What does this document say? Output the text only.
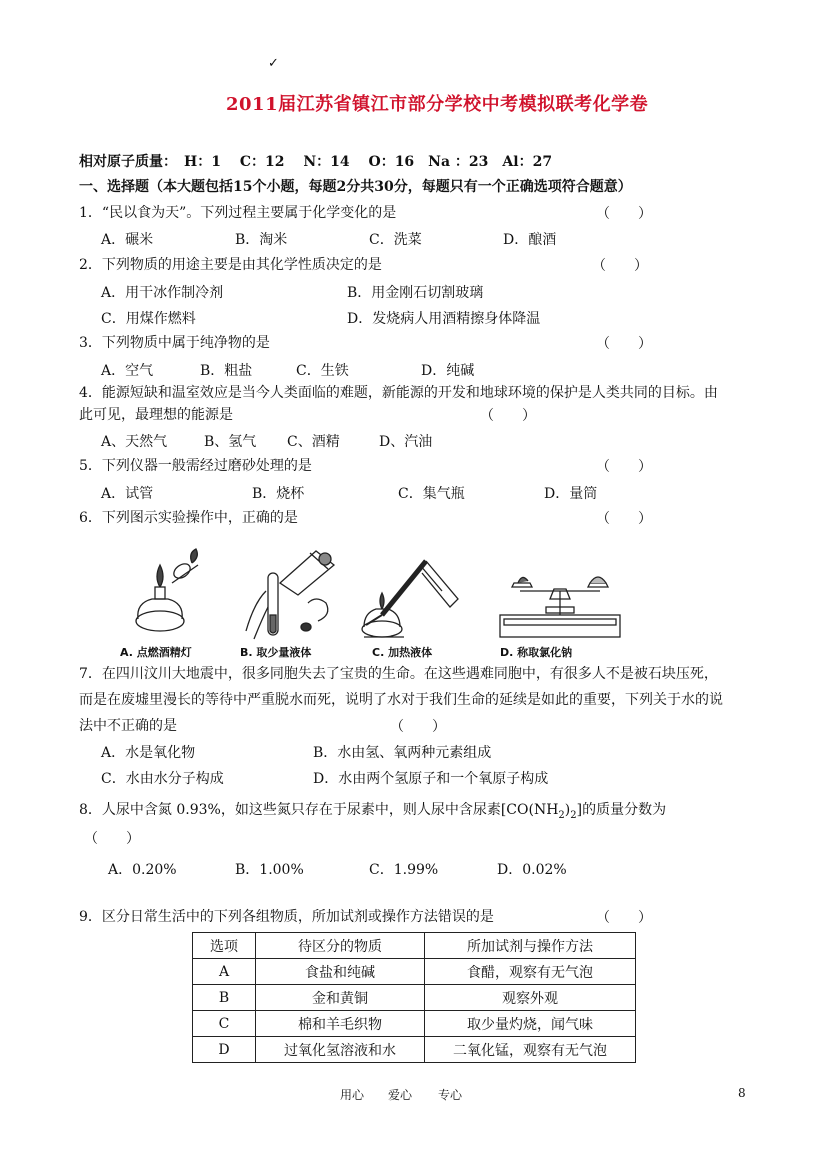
✓
2011届江苏省镇江市部分学校中考模拟联考化学卷
相对原子质量：　H：1　 C：12　 N：14　 O：16　Na ：23　Al：27
一、选择题（本大题包括15个小题，每题2分共30分，每题只有一个正确选项符合题意）
1．“民以食为天”。下列过程主要属于化学变化的是	（　　）
A．碾米	B．淘米	C．洗菜	D．酿酒
2．下列物质的用途主要是由其化学性质决定的是	（　　）
A．用干冰作制冷剂	B．用金刚石切割玻璃
C．用煤作燃料	D．发烧病人用酒精擦身体降温
3．下列物质中属于纯净物的是	（　　）
A．空气	B．粗盐	C．生铁	D．纯碱
4．能源短缺和温室效应是当今人类面临的难题，新能源的开发和地球环境的保护是人类共同的目标。由
此可见，最理想的能源是	（　　）
A、天然气	B、氢气 C、酒精	D、汽油
5．下列仪器一般需经过磨砂处理的是	（　　）
A．试管	B．烧杯	C．集气瓶	D．量筒
6．下列图示实验操作中，正确的是	（　　）
A. 点燃酒精灯	B. 取少量液体	C. 加热液体	D. 称取氯化钠
7．在四川汶川大地震中，很多同胞失去了宝贵的生命。在这些遇难同胞中，有很多人不是被石块压死，
而是在废墟里漫长的等待中严重脱水而死，说明了水对于我们生命的延续是如此的重要，下列关于水的说
法中不正确的是	（　　）
A．水是氧化物	B．水由氢、氧两种元素组成
C．水由水分子构成	D．水由两个氢原子和一个氧原子构成
8．人尿中含氮 0.93%，如这些氮只存在于尿素中，则人尿中含尿素$[CO(NH_2)_2]$的质量分数为
（　　）
A．0.20%	B．1.00%	C．1.99%	D．0.02%
9．区分日常生活中的下列各组物质，所加试剂或操作方法错误的是	（　　）
选项	待区分的物质	所加试剂与操作方法
A	食盐和纯碱	食醋，观察有无气泡
B	金和黄铜	观察外观
C	棉和羊毛织物	取少量灼烧，闻气味
D	过氧化氢溶液和水	二氧化锰，观察有无气泡
用心 爱心 专心	8
